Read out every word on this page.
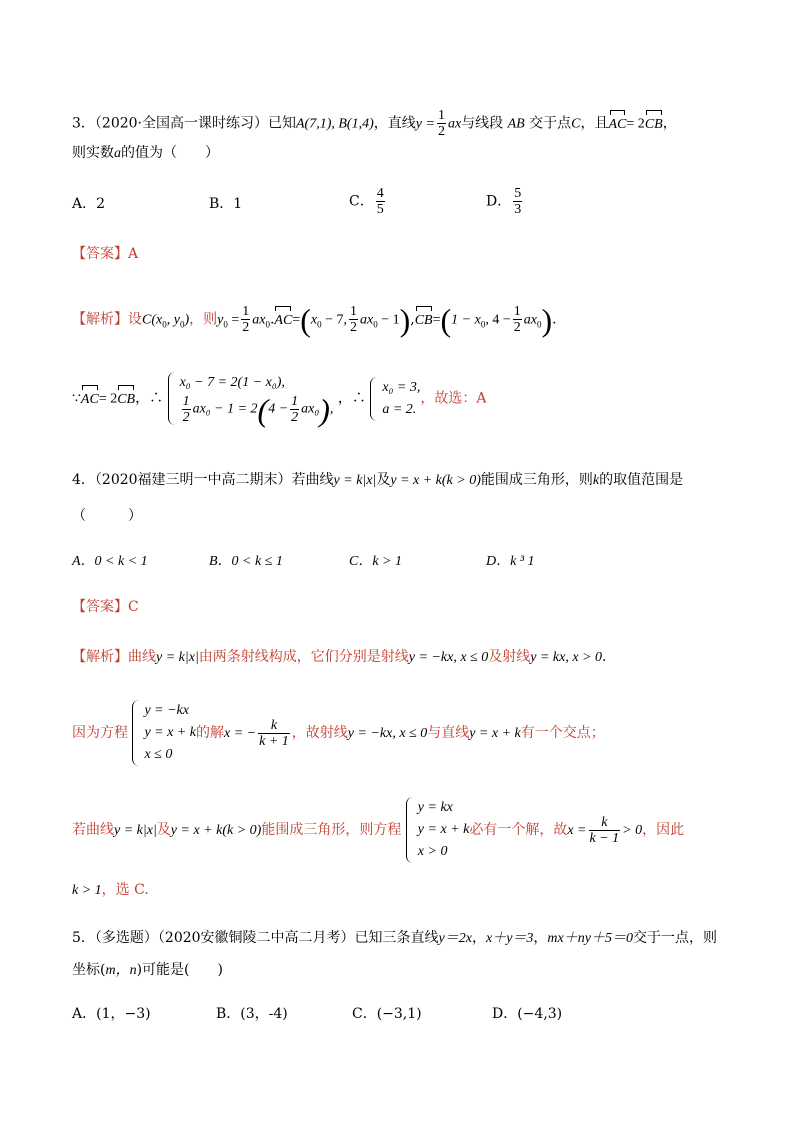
3．（2020·全国高一课时练习）已知A(7,1), B(1,4)，直线$y = \frac{1}{2}$ ax与线段 AB 交于点C，且AC= 2CB，
则实数a的值为（　　）
A．2	B．1	C． $\frac{4}{5}$	D． $\frac{5}{3}$
【答案】A
【解析】设$C(x_0$, $y_0$)，则$y_0 = \frac{1}{2} ax_0.AC=(x_0 - 7$, $\frac{1}{2} ax_0 - 1),CB=(1 - x_0$, $4 - \frac{1}{2} ax_0$).
∵AC= 2CB，∴
x₀ − 7 = 2(1 − x₀),
$\frac{1}{2} ax_0 - 1 = 2(4 - \frac{1}{2} ax_0)$,
，∴
x₀ = 3,
a = 2.
，故选：A
4．（2020福建三明一中高二期末）若曲线y = k|x|及y = x + k(k > 0)能围成三角形，则k的取值范围是
（　　　）
A．0 < k < 1	B．0 < k ≤ 1	C．k > 1	D．k ³ 1
【答案】C
【解析】曲线y = k|x|由两条射线构成，它们分别是射线y = −kx, x ≤ 0及射线y = kx, x > 0.
因为方程
y = −kx
y = x + k
x ≤ 0
的解x = − $\frac{k}{k + 1}$ ，故射线y = −kx, x ≤ 0与直线y = x + k有一个交点；
若曲线y = k|x|及y = x + k(k > 0)能围成三角形，则方程
y = kx
y = x + k
x > 0
必有一个解，故$x = \frac{k}{k - 1} > 0$，因此
k > 1，选 C.
5．（多选题）（2020安徽铜陵二中高二月考）已知三条直线y＝2x，x＋y＝3，mx＋ny＋5＝0交于一点，则
坐标(m，n)可能是(　　)
A．(1，−3)	B．(3，-4)	C．(−3,1)	D．(−4,3)
